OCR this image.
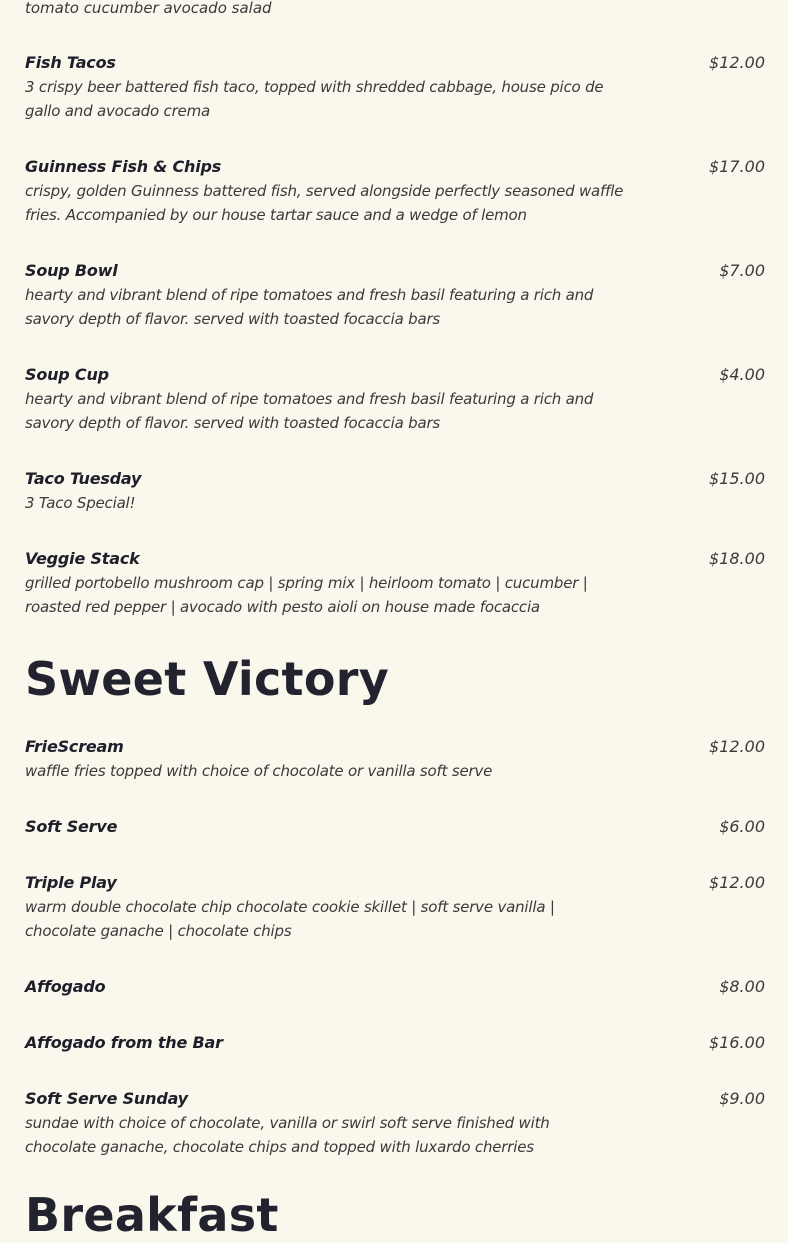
tomato cucumber avocado salad
Fish Tacos	$12.00
3 crispy beer battered fish taco, topped with shredded cabbage, house pico de gallo and avocado crema
Guinness Fish & Chips	$17.00
crispy, golden Guinness battered fish, served alongside perfectly seasoned waffle fries. Accompanied by our house tartar sauce and a wedge of lemon
Soup Bowl	$7.00
hearty and vibrant blend of ripe tomatoes and fresh basil featuring a rich and savory depth of flavor. served with toasted focaccia bars
Soup Cup	$4.00
hearty and vibrant blend of ripe tomatoes and fresh basil featuring a rich and savory depth of flavor. served with toasted focaccia bars
Taco Tuesday	$15.00
3 Taco Special!
Veggie Stack	$18.00
grilled portobello mushroom cap | spring mix | heirloom tomato | cucumber | roasted red pepper | avocado with pesto aioli on house made focaccia
Sweet Victory
FrieScream	$12.00
waffle fries topped with choice of chocolate or vanilla soft serve
Soft Serve	$6.00
Triple Play	$12.00
warm double chocolate chip chocolate cookie skillet | soft serve vanilla | chocolate ganache | chocolate chips
Affogado	$8.00
Affogado from the Bar	$16.00
Soft Serve Sunday	$9.00
sundae with choice of chocolate, vanilla or swirl soft serve finished with chocolate ganache, chocolate chips and topped with luxardo cherries
Breakfast
